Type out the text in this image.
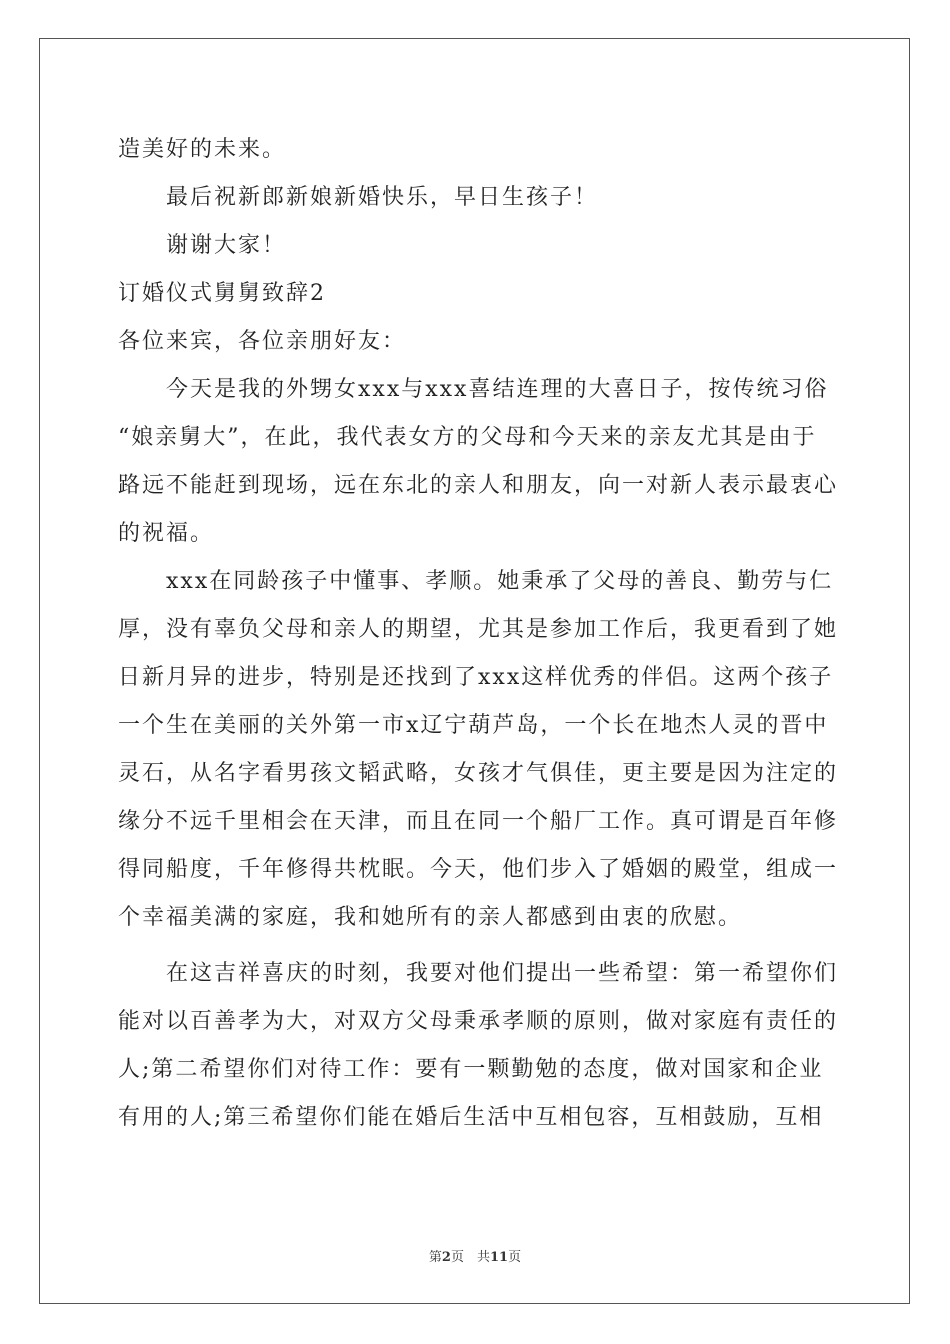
造美好的未来。
最后祝新郎新娘新婚快乐，早日生孩子！
谢谢大家！
订婚仪式舅舅致辞2
各位来宾，各位亲朋好友：
今天是我的外甥女xxx与xxx喜结连理的大喜日子，按传统习俗
“娘亲舅大”，在此，我代表女方的父母和今天来的亲友尤其是由于
路远不能赶到现场，远在东北的亲人和朋友，向一对新人表示最衷心
的祝福。
xxx在同龄孩子中懂事、孝顺。她秉承了父母的善良、勤劳与仁
厚，没有辜负父母和亲人的期望，尤其是参加工作后，我更看到了她
日新月异的进步，特别是还找到了xxx这样优秀的伴侣。这两个孩子
一个生在美丽的关外第一市x辽宁葫芦岛，一个长在地杰人灵的晋中
灵石，从名字看男孩文韬武略，女孩才气俱佳，更主要是因为注定的
缘分不远千里相会在天津，而且在同一个船厂工作。真可谓是百年修
得同船度，千年修得共枕眠。今天，他们步入了婚姻的殿堂，组成一
个幸福美满的家庭，我和她所有的亲人都感到由衷的欣慰。
在这吉祥喜庆的时刻，我要对他们提出一些希望：第一希望你们
能对以百善孝为大，对双方父母秉承孝顺的原则，做对家庭有责任的
人;第二希望你们对待工作：要有一颗勤勉的态度，做对国家和企业
有用的人;第三希望你们能在婚后生活中互相包容，互相鼓励，互相
第2页　共11页
